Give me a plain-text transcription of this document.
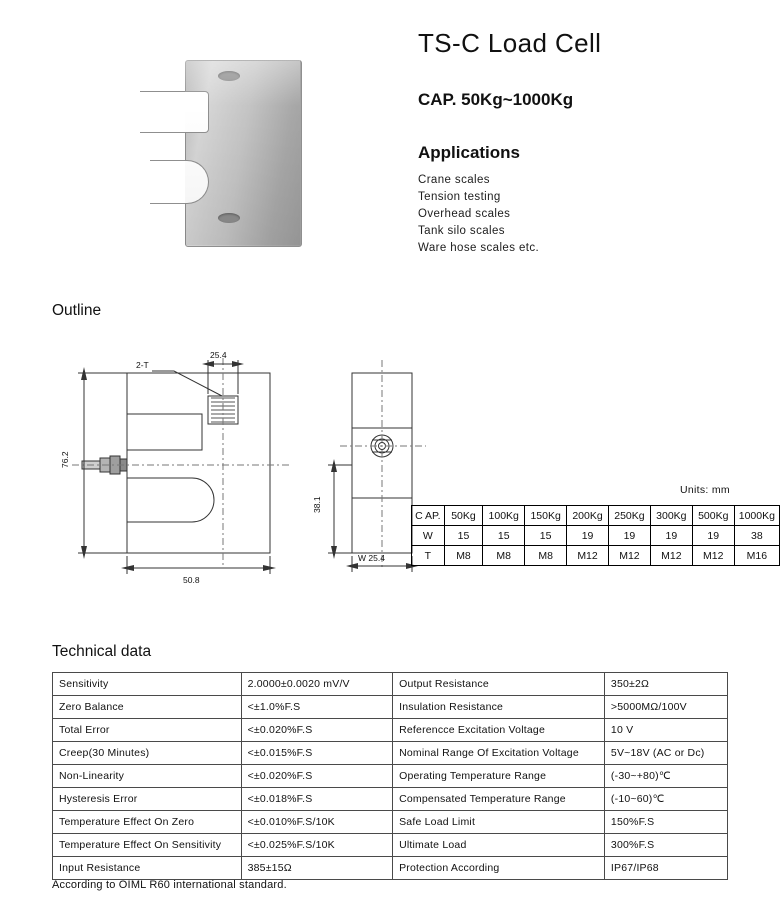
TS-C Load Cell
CAP. 50Kg~1000Kg
Applications
Crane scales
Tension testing
Overhead scales
Tank silo scales
Ware hose scales etc.
Outline
2-T
25.4
76.2
50.8
38.1
W 25.4
Units: mm
C AP.	50Kg	100Kg	150Kg	200Kg	250Kg	300Kg	500Kg	1000Kg
W	15	15	15	19	19	19	19	38
T	M8	M8	M8	M12	M12	M12	M12	M16
Technical data
Sensitivity	2.0000±0.0020 mV/V	Output Resistance	350±2Ω
Zero Balance	<±1.0%F.S	Insulation Resistance	>5000MΩ/100V
Total Error	<±0.020%F.S	Referencce Excitation Voltage	10 V
Creep(30 Minutes)	<±0.015%F.S	Nominal Range Of Excitation Voltage	5V~18V (AC or Dc)
Non-Linearity	<±0.020%F.S	Operating Temperature Range	(-30~+80)℃
Hysteresis Error	<±0.018%F.S	Compensated Temperature Range	(-10~60)℃
Temperature Effect On Zero	<±0.010%F.S/10K	Safe Load Limit	150%F.S
Temperature Effect On Sensitivity	<±0.025%F.S/10K	Ultimate Load	300%F.S
Input Resistance	385±15Ω	Protection According	IP67/IP68
According to OIML R60 international standard.
